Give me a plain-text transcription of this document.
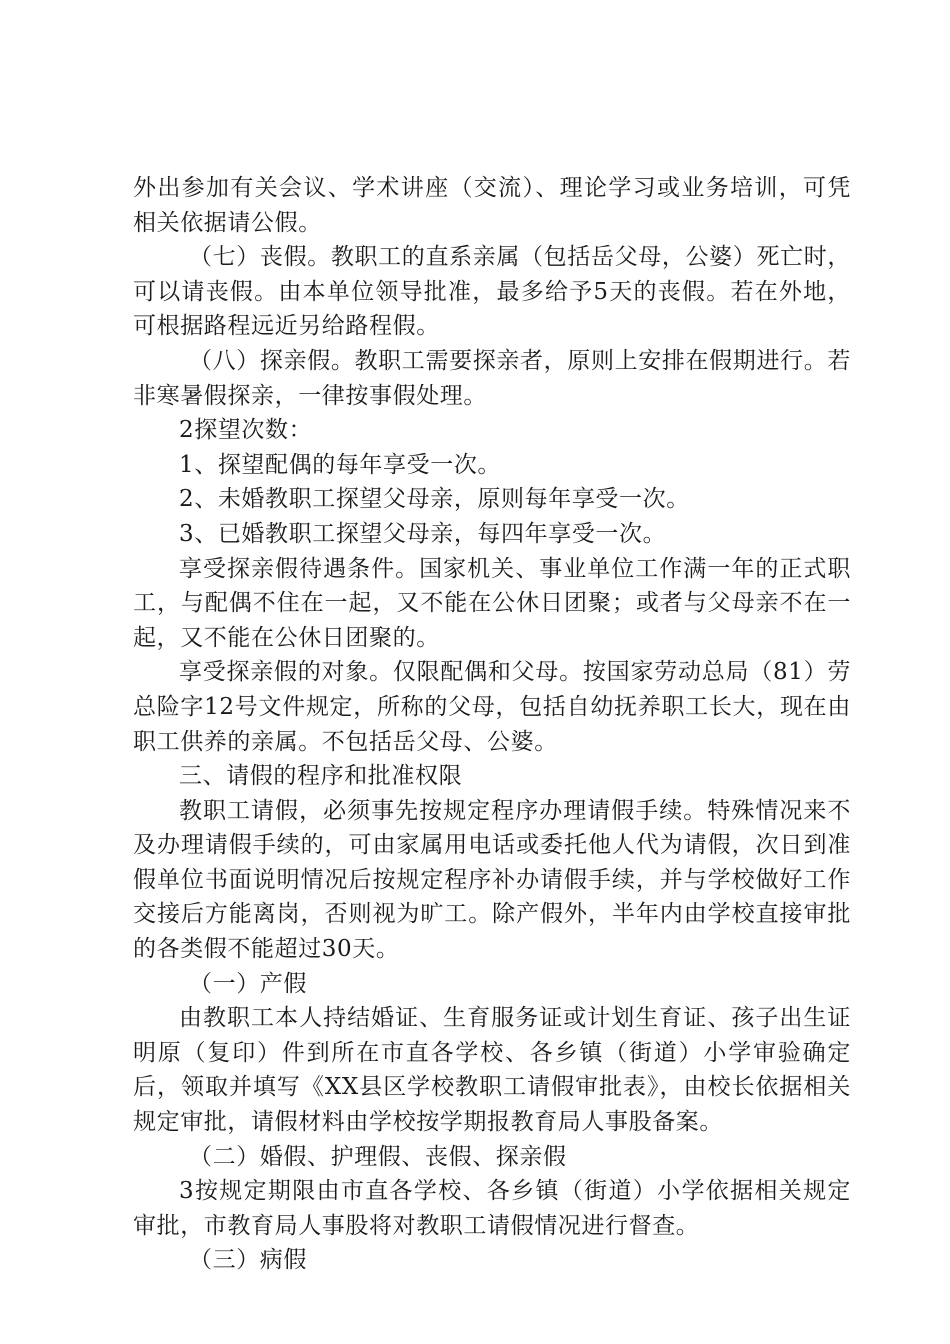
外出参加有关会议、学术讲座（交流）、理论学习或业务培训，可凭相关依据请公假。

（七）丧假。教职工的直系亲属（包括岳父母，公婆）死亡时，可以请丧假。由本单位领导批准，最多给予5天的丧假。若在外地，可根据路程远近另给路程假。

（八）探亲假。教职工需要探亲者，原则上安排在假期进行。若非寒暑假探亲，一律按事假处理。

2探望次数：

1、探望配偶的每年享受一次。

2、未婚教职工探望父母亲，原则每年享受一次。

3、已婚教职工探望父母亲，每四年享受一次。

享受探亲假待遇条件。国家机关、事业单位工作满一年的正式职工，与配偶不住在一起，又不能在公休日团聚；或者与父母亲不在一起，又不能在公休日团聚的。

享受探亲假的对象。仅限配偶和父母。按国家劳动总局（81）劳总险字12号文件规定，所称的父母，包括自幼抚养职工长大，现在由职工供养的亲属。不包括岳父母、公婆。

三、请假的程序和批准权限

教职工请假，必须事先按规定程序办理请假手续。特殊情况来不及办理请假手续的，可由家属用电话或委托他人代为请假，次日到准假单位书面说明情况后按规定程序补办请假手续，并与学校做好工作交接后方能离岗，否则视为旷工。除产假外，半年内由学校直接审批的各类假不能超过30天。

（一）产假

由教职工本人持结婚证、生育服务证或计划生育证、孩子出生证明原（复印）件到所在市直各学校、各乡镇（街道）小学审验确定后，领取并填写《XX县区学校教职工请假审批表》，由校长依据相关规定审批，请假材料由学校按学期报教育局人事股备案。

（二）婚假、护理假、丧假、探亲假

3按规定期限由市直各学校、各乡镇（街道）小学依据相关规定审批，市教育局人事股将对教职工请假情况进行督查。

（三）病假
